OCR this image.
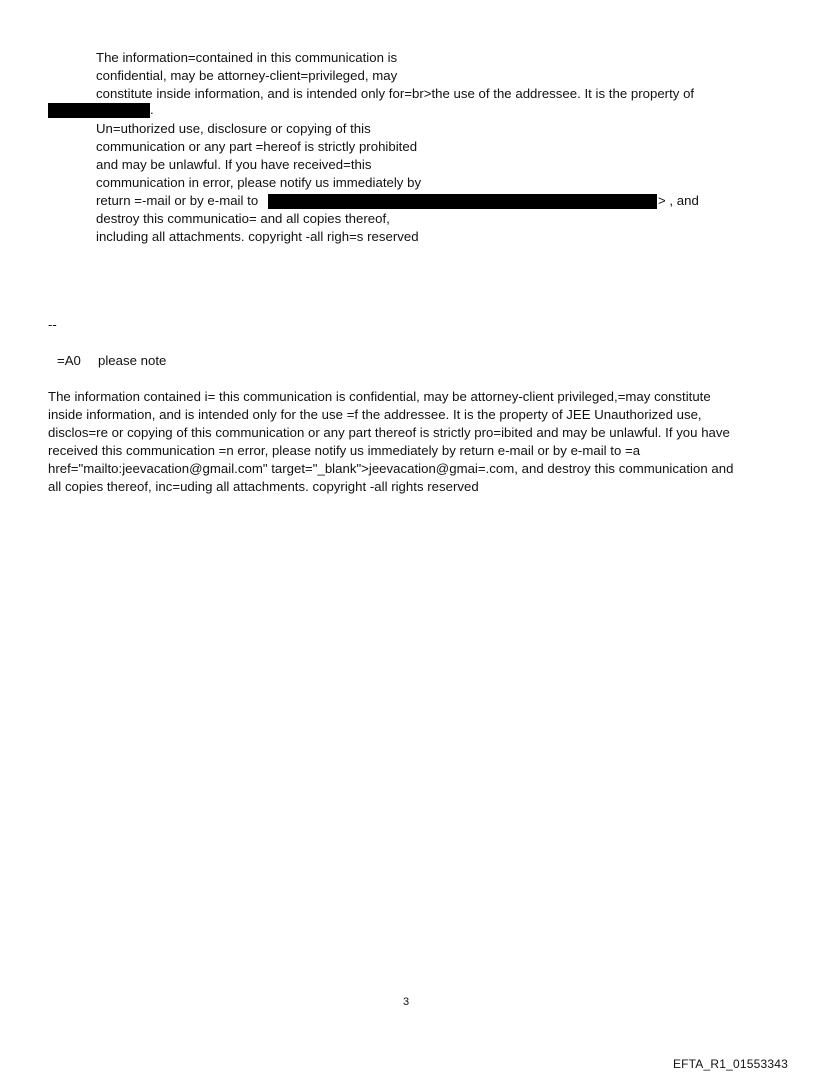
The information=contained in this communication is
confidential, may be attorney-client=privileged, may
constitute inside information, and is intended only for=br>the use of the addressee. It is the property of
.
Un=uthorized use, disclosure or copying of this
communication or any part =hereof is strictly prohibited
and may be unlawful. If you have received=this
communication in error, please notify us immediately by
return =-mail or by e-mail to	> , and
destroy this communicatio= and all copies thereof,
including all attachments. copyright -all righ=s reserved
--
=A0 please note
The information contained i= this communication is confidential, may be attorney-client privileged,=may constitute
inside information, and is intended only for the use =f the addressee. It is the property of JEE Unauthorized use,
disclos=re or copying of this communication or any part thereof is strictly pro=ibited and may be unlawful. If you have
received this communication =n error, please notify us immediately by return e-mail or by e-mail to =a
href="mailto:jeevacation@gmail.com" target="_blank">jeevacation@gmai=.com, and destroy this communication and
all copies thereof, inc=uding all attachments. copyright -all rights reserved
3
EFTA_R1_01553343
